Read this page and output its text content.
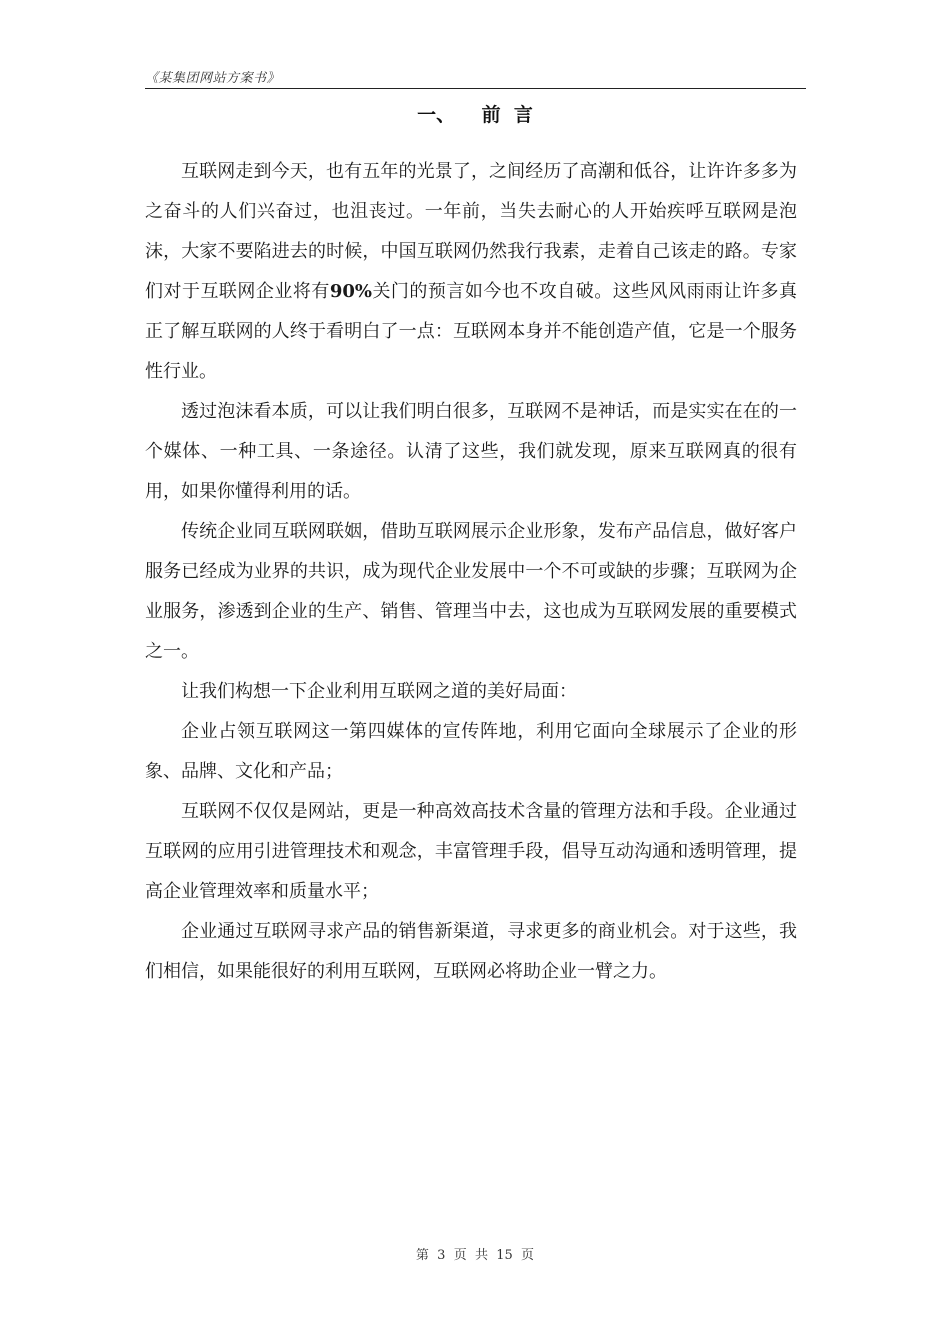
《某集团网站方案书》
一、    前  言

互联网走到今天，也有五年的光景了，之间经历了高潮和低谷，让许许多多为之奋斗的人们兴奋过，也沮丧过。一年前，当失去耐心的人开始疾呼互联网是泡沫，大家不要陷进去的时候，中国互联网仍然我行我素，走着自己该走的路。专家们对于互联网企业将有90%关门的预言如今也不攻自破。这些风风雨雨让许多真正了解互联网的人终于看明白了一点：互联网本身并不能创造产值，它是一个服务性行业。

透过泡沫看本质，可以让我们明白很多，互联网不是神话，而是实实在在的一个媒体、一种工具、一条途径。认清了这些，我们就发现，原来互联网真的很有用，如果你懂得利用的话。

传统企业同互联网联姻，借助互联网展示企业形象，发布产品信息，做好客户服务已经成为业界的共识，成为现代企业发展中一个不可或缺的步骤；互联网为企业服务，渗透到企业的生产、销售、管理当中去，这也成为互联网发展的重要模式之一。

让我们构想一下企业利用互联网之道的美好局面：

企业占领互联网这一第四媒体的宣传阵地，利用它面向全球展示了企业的形象、品牌、文化和产品；

互联网不仅仅是网站，更是一种高效高技术含量的管理方法和手段。企业通过互联网的应用引进管理技术和观念，丰富管理手段，倡导互动沟通和透明管理，提高企业管理效率和质量水平；

企业通过互联网寻求产品的销售新渠道，寻求更多的商业机会。对于这些，我们相信，如果能很好的利用互联网，互联网必将助企业一臂之力。

第  3  页  共  15  页
